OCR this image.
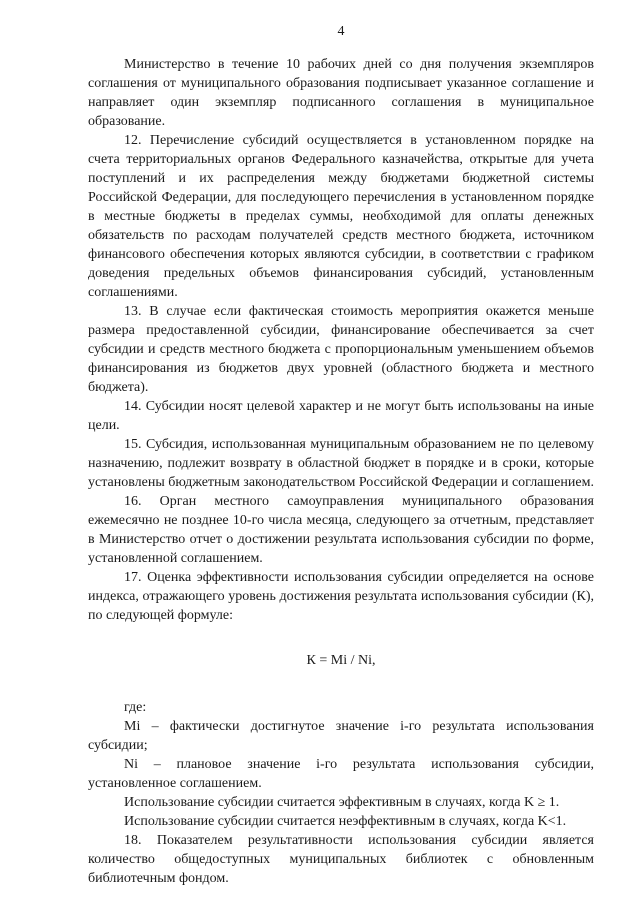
4

Министерство в течение 10 рабочих дней со дня получения экземпляров соглашения от муниципального образования подписывает указанное соглашение и направляет один экземпляр подписанного соглашения в муниципальное образование.

12. Перечисление субсидий осуществляется в установленном порядке на счета территориальных органов Федерального казначейства, открытые для учета поступлений и их распределения между бюджетами бюджетной системы Российской Федерации, для последующего перечисления в установленном порядке в местные бюджеты в пределах суммы, необходимой для оплаты денежных обязательств по расходам получателей средств местного бюджета, источником финансового обеспечения которых являются субсидии, в соответствии с графиком доведения предельных объемов финансирования субсидий, установленным соглашениями.

13. В случае если фактическая стоимость мероприятия окажется меньше размера предоставленной субсидии, финансирование обеспечивается за счет субсидии и средств местного бюджета с пропорциональным уменьшением объемов финансирования из бюджетов двух уровней (областного бюджета и местного бюджета).

14. Субсидии носят целевой характер и не могут быть использованы на иные цели.

15. Субсидия, использованная муниципальным образованием не по целевому назначению, подлежит возврату в областной бюджет в порядке и в сроки, которые установлены бюджетным законодательством Российской Федерации и соглашением.

16. Орган местного самоуправления муниципального образования ежемесячно не позднее 10-го числа месяца, следующего за отчетным, представляет в Министерство отчет о достижении результата использования субсидии по форме, установленной соглашением.

17. Оценка эффективности использования субсидии определяется на основе индекса, отражающего уровень достижения результата использования субсидии (К), по следующей формуле:

К = Mi / Ni,

где:

Mi – фактически достигнутое значение i-го результата использования субсидии;

Ni – плановое значение i-го результата использования субсидии, установленное соглашением.

Использование субсидии считается эффективным в случаях, когда K ≥ 1.

Использование субсидии считается неэффективным в случаях, когда K<1.

18. Показателем результативности использования субсидии является количество общедоступных муниципальных библиотек с обновленным библиотечным фондом.
